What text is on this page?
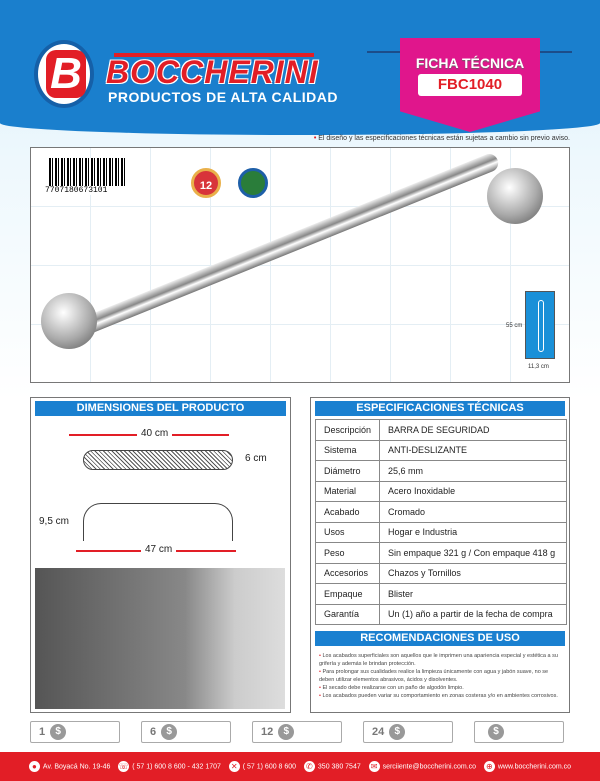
B BOCCHERINI
PRODUCTOS DE ALTA CALIDAD
FICHA TÉCNICA
FBC1040
• El diseño y las especificaciones técnicas están sujetas a cambio sin previo aviso.
7707180673101	12
55 cm
11,3 cm
DIMENSIONES DEL PRODUCTO
40 cm
6 cm
9,5 cm
47 cm
ESPECIFICACIONES TÉCNICAS
Descripción	BARRA DE SEGURIDAD
Sistema	ANTI-DESLIZANTE
Diámetro	25,6 mm
Material	Acero Inoxidable
Acabado	Cromado
Usos	Hogar e Industria
Peso	Sin empaque 321 g / Con empaque 418 g
Accesorios	Chazos y Tornillos
Empaque	Blister
Garantía	Un (1) año a partir de la fecha de compra
RECOMENDACIONES DE USO
• Los acabados superficiales son aquellos que le imprimen una apariencia especial y estética a su grifería y además le brindan protección.
• Para prolongar sus cualidades realice la limpieza únicamente con agua y jabón suave, no se deben utilizar elementos abrasivos, ácidos y disolventes.
• El secado debe realizarse con un paño de algodón limpio.
• Los acabados pueden variar su comportamiento en zonas costeras y/o en ambientes corrosivos.
1 $	6 $	12 $	24 $	$
● Av. Boyacá No. 19-46 ☏ ( 57 1) 600 8 600 - 432 1707 ✕ ( 57 1) 600 8 600 ✆ 350 380 7547 ✉ serciiente@boccherini.com.co ⊕ www.boccherini.com.co
